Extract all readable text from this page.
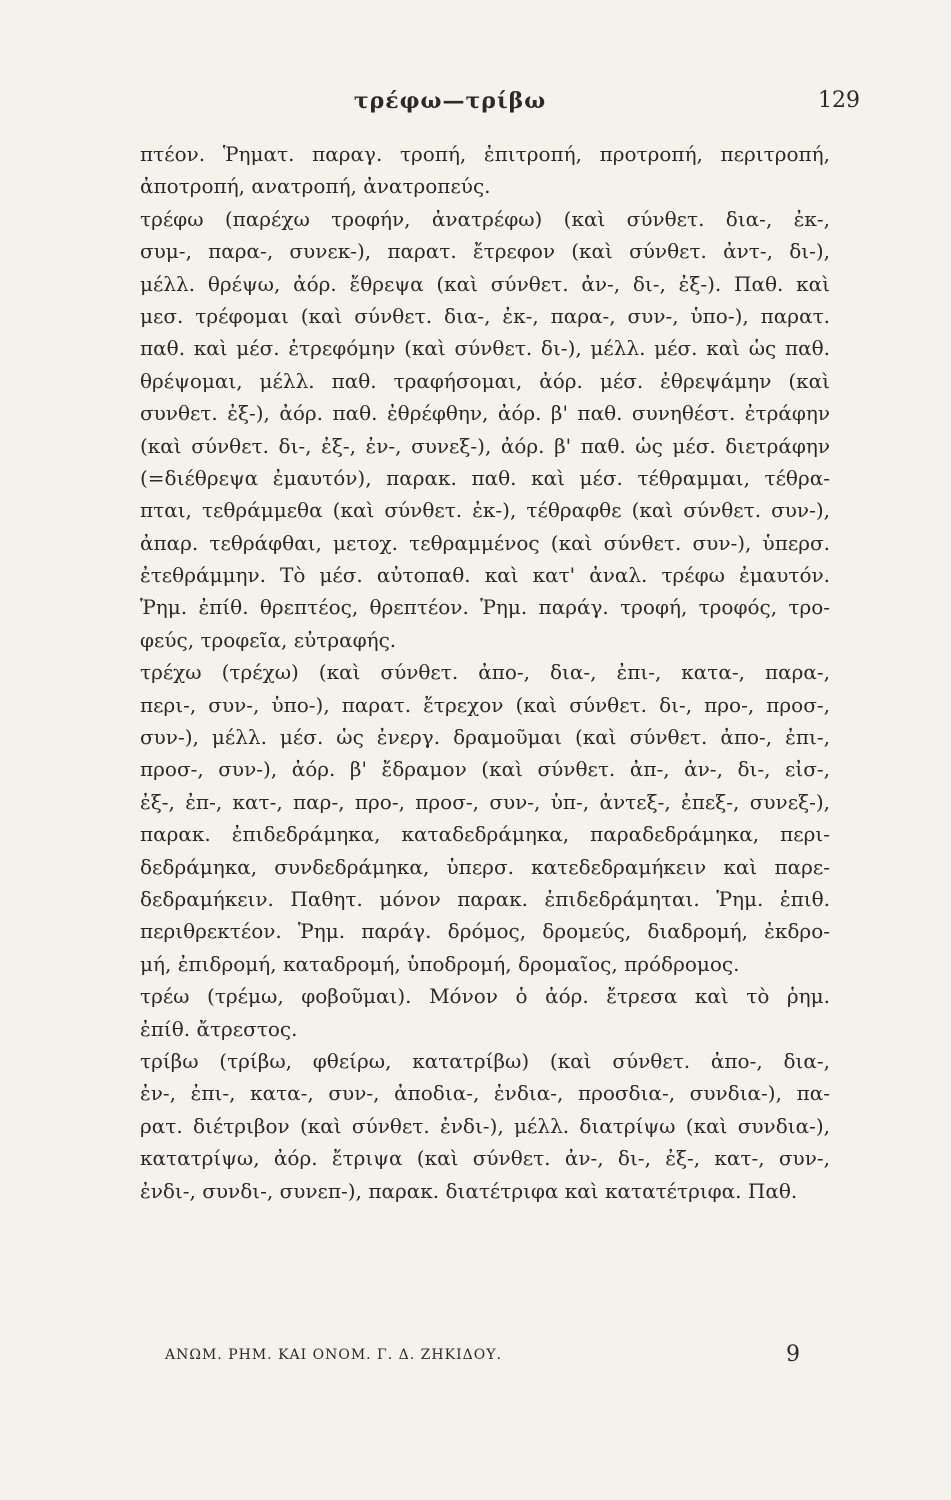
τρέφω—τρίβω	129
πτέον. Ῥηματ. παραγ. τροπή, ἐπιτροπή, προτροπή, περιτροπή,
ἀποτροπή, ανατροπή, ἀνατροπεύς.
τρέφω (παρέχω τροφήν, ἀνατρέφω) (καὶ σύνθετ. δια-, ἐκ-,
συμ-, παρα-, συνεκ-), παρατ. ἔτρεφον (καὶ σύνθετ. ἀντ-, δι-),
μέλλ. θρέψω, ἀόρ. ἔθρεψα (καὶ σύνθετ. ἀν-, δι-, ἐξ-). Παθ. καὶ
μεσ. τρέφομαι (καὶ σύνθετ. δια-, ἐκ-, παρα-, συν-, ὑπο-), παρατ.
παθ. καὶ μέσ. ἐτρεφόμην (καὶ σύνθετ. δι-), μέλλ. μέσ. καὶ ὡς παθ.
θρέψομαι, μέλλ. παθ. τραφήσομαι, ἀόρ. μέσ. ἐθρεψάμην (καὶ
συνθετ. ἐξ-), ἀόρ. παθ. ἐθρέφθην, ἀόρ. β' παθ. συνηθέστ. ἐτράφην
(καὶ σύνθετ. δι-, ἐξ-, ἐν-, συνεξ-), ἀόρ. β' παθ. ὡς μέσ. διετράφην
(=διέθρεψα ἐμαυτόν), παρακ. παθ. καὶ μέσ. τέθραμμαι, τέθρα-
πται, τεθράμμεθα (καὶ σύνθετ. ἐκ-), τέθραφθε (καὶ σύνθετ. συν-),
ἀπαρ. τεθράφθαι, μετοχ. τεθραμμένος (καὶ σύνθετ. συν-), ὑπερσ.
ἐτεθράμμην. Τὸ μέσ. αὐτοπαθ. καὶ κατ' ἀναλ. τρέφω ἐμαυτόν.
Ῥημ. ἐπίθ. θρεπτέος, θρεπτέον. Ῥημ. παράγ. τροφή, τροφός, τρο-
φεύς, τροφεῖα, εὐτραφής.
τρέχω (τρέχω) (καὶ σύνθετ. ἀπο-, δια-, ἐπι-, κατα-, παρα-,
περι-, συν-, ὑπο-), παρατ. ἔτρεχον (καὶ σύνθετ. δι-, προ-, προσ-,
συν-), μέλλ. μέσ. ὡς ἐνεργ. δραμοῦμαι (καὶ σύνθετ. ἀπο-, ἐπι-,
προσ-, συν-), ἀόρ. β' ἔδραμον (καὶ σύνθετ. ἀπ-, ἀν-, δι-, εἰσ-,
ἐξ-, ἐπ-, κατ-, παρ-, προ-, προσ-, συν-, ὑπ-, ἀντεξ-, ἐπεξ-, συνεξ-),
παρακ. ἐπιδεδράμηκα, καταδεδράμηκα, παραδεδράμηκα, περι-
δεδράμηκα, συνδεδράμηκα, ὑπερσ. κατεδεδραμήκειν καὶ παρε-
δεδραμήκειν. Παθητ. μόνον παρακ. ἐπιδεδράμηται. Ῥημ. ἐπιθ.
περιθρεκτέον. Ῥημ. παράγ. δρόμος, δρομεύς, διαδρομή, ἐκδρο-
μή, ἐπιδρομή, καταδρομή, ὑποδρομή, δρομαῖος, πρόδρομος.
τρέω (τρέμω, φοβοῦμαι). Μόνον ὁ ἀόρ. ἔτρεσα καὶ τὸ ῥημ.
ἐπίθ. ἄτρεστος.
τρίβω (τρίβω, φθείρω, κατατρίβω) (καὶ σύνθετ. ἀπο-, δια-,
ἐν-, ἐπι-, κατα-, συν-, ἀποδια-, ἐνδια-, προσδια-, συνδια-), πα-
ρατ. διέτριβον (καὶ σύνθετ. ἐνδι-), μέλλ. διατρίψω (καὶ συνδια-),
κατατρίψω, ἀόρ. ἔτριψα (καὶ σύνθετ. ἀν-, δι-, ἐξ-, κατ-, συν-,
ἐνδι-, συνδι-, συνεπ-), παρακ. διατέτριφα καὶ κατατέτριφα. Παθ.
ΑΝΩΜ. ΡΗΜ. ΚΑΙ ΟΝΟΜ. Γ. Δ. ΖΗΚΙΔΟΥ.	9
